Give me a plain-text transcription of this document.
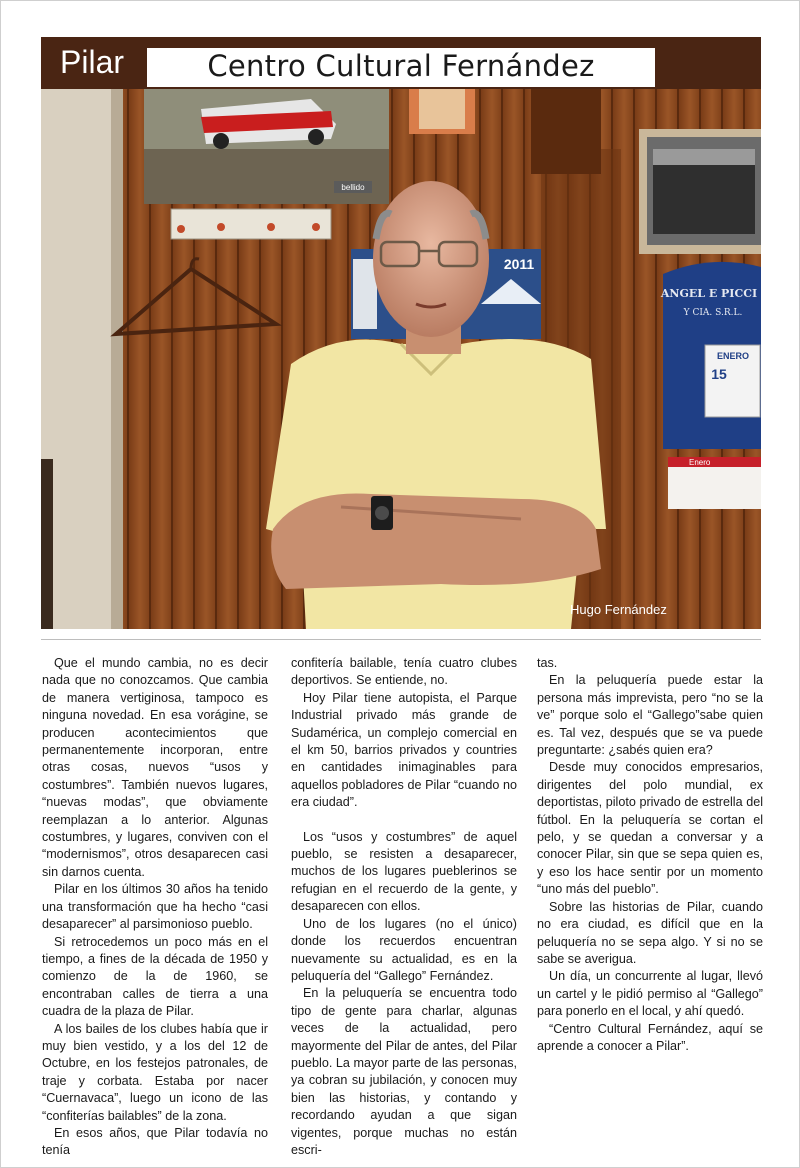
Pilar	Centro Cultural Fernández
bellido
2011
ANGEL E PICCI
Y CIA. S.R.L.
ENERO
15
Enero
Hugo Fernández

Que el mundo cambia, no es decir nada que no conozcamos. Que cambia de manera vertiginosa, tampoco es ninguna novedad. En esa vorágine, se producen acontecimientos que permanentemente incorporan, entre otras cosas, nuevos “usos y costumbres”. También nuevos lugares, “nuevas modas”, que obviamente reemplazan a lo anterior. Algunas costumbres, y lugares, conviven con el “modernismos”, otros desaparecen casi sin darnos cuenta.

Pilar en los últimos 30 años ha tenido una transformación que ha hecho “casi desaparecer” al parsimonioso pueblo.

Si retrocedemos un poco más en el tiempo, a fines de la década de 1950 y comienzo de la de 1960, se encontraban calles de tierra a una cuadra de la plaza de Pilar.

A los bailes de los clubes había que ir muy bien vestido, y a los del 12 de Octubre, en los festejos patronales, de traje y corbata. Estaba por nacer “Cuernavaca”, luego un icono de las “confiterías bailables” de la zona.

En esos años, que Pilar todavía no tenía

confitería bailable, tenía cuatro clubes deportivos. Se entiende, no.

Hoy Pilar tiene autopista, el Parque Industrial privado más grande de Sudamérica, un complejo comercial en el km 50, barrios privados y countries en cantidades inimaginables para aquellos pobladores de Pilar “cuando no era ciudad”.

Los “usos y costumbres” de aquel pueblo, se resisten a desaparecer, muchos de los lugares pueblerinos se refugian en el recuerdo de la gente, y desaparecen con ellos.

Uno de los lugares (no el único) donde los recuerdos encuentran nuevamente su actualidad, es en la peluquería del “Gallego” Fernández.

En la peluquería se encuentra todo tipo de gente para charlar, algunas veces de la actualidad, pero mayormente del Pilar de antes, del Pilar pueblo. La mayor parte de las personas, ya cobran su jubilación, y conocen muy bien las historias, y contando y recordando ayudan a que sigan vigentes, porque muchas no están escri-

tas.

En la peluquería puede estar la persona más imprevista, pero “no se la ve” porque solo el “Gallego”sabe quien es. Tal vez, después que se va puede preguntarte: ¿sabés quien era?

Desde muy conocidos empresarios, dirigentes del polo mundial, ex deportistas, piloto privado de estrella del fútbol. En la peluquería se cortan el pelo, y se quedan a conversar y a conocer Pilar, sin que se sepa quien es, y eso los hace sentir por un momento “uno más del pueblo”.

Sobre las historias de Pilar, cuando no era ciudad, es difícil que en la peluquería no se sepa algo. Y si no se sabe se averigua.

Un día, un concurrente al lugar, llevó un cartel y le pidió permiso al “Gallego” para ponerlo en el local, y ahí quedó.

“Centro Cultural Fernández, aquí se aprende a conocer a Pilar”.
